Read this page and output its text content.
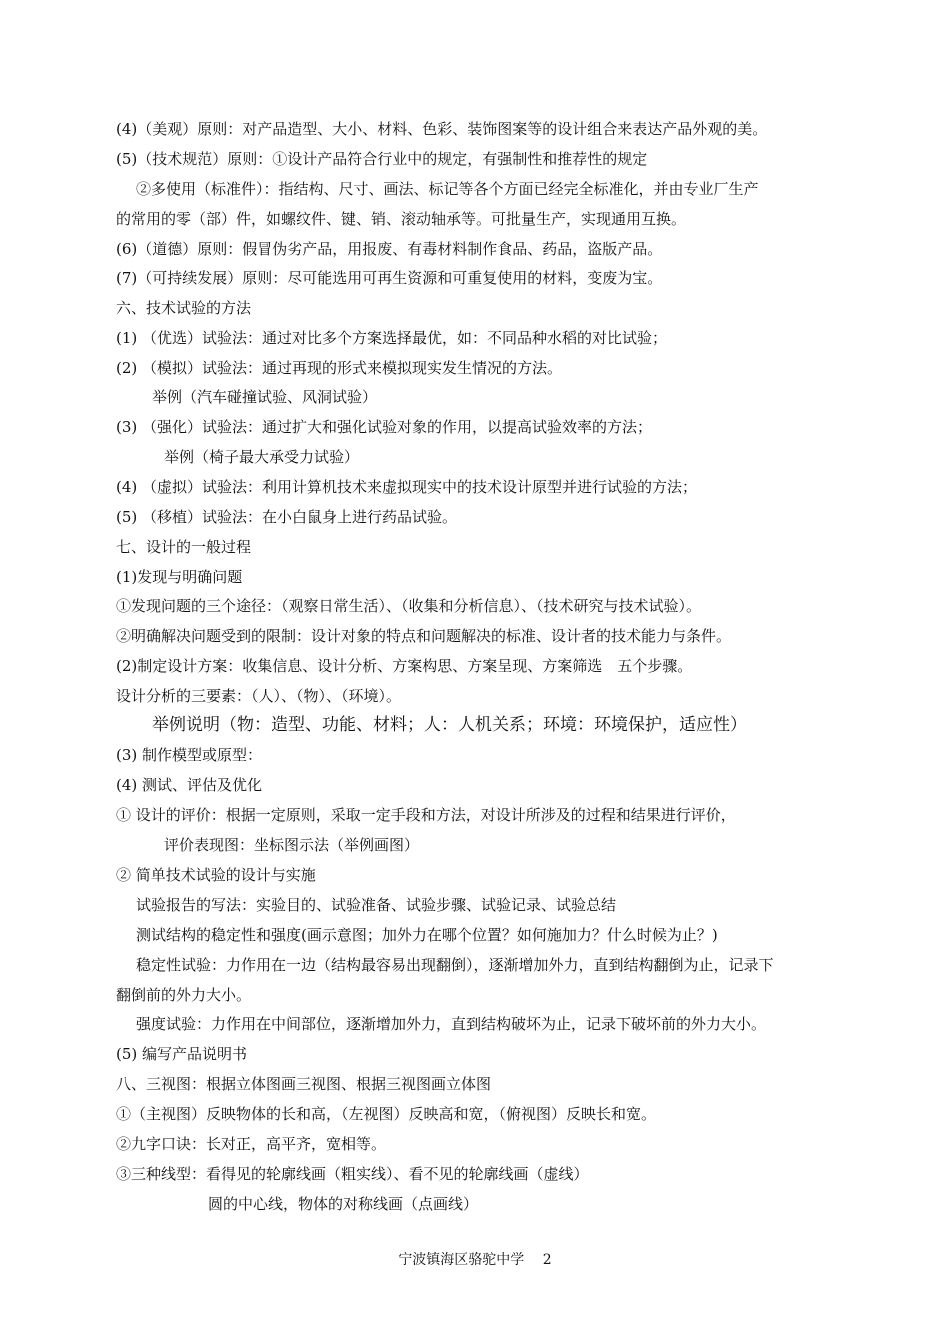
(4)（美观）原则：对产品造型、大小、材料、色彩、装饰图案等的设计组合来表达产品外观的美。
(5)（技术规范）原则：①设计产品符合行业中的规定，有强制性和推荐性的规定
②多使用（标准件）：指结构、尺寸、画法、标记等各个方面已经完全标准化，并由专业厂生产
的常用的零（部）件，如螺纹件、键、销、滚动轴承等。可批量生产，实现通用互换。
(6)（道德）原则：假冒伪劣产品，用报废、有毒材料制作食品、药品，盗版产品。
(7)（可持续发展）原则：尽可能选用可再生资源和可重复使用的材料，变废为宝。
六、技术试验的方法
(1) （优选）试验法：通过对比多个方案选择最优，如：不同品种水稻的对比试验；
(2) （模拟）试验法：通过再现的形式来模拟现实发生情况的方法。
举例（汽车碰撞试验、风洞试验）
(3) （强化）试验法：通过扩大和强化试验对象的作用，以提高试验效率的方法；
举例（椅子最大承受力试验）
(4) （虚拟）试验法：利用计算机技术来虚拟现实中的技术设计原型并进行试验的方法；
(5) （移植）试验法：在小白鼠身上进行药品试验。
七、设计的一般过程
(1)发现与明确问题
①发现问题的三个途径：（观察日常生活）、（收集和分析信息）、（技术研究与技术试验）。
②明确解决问题受到的限制：设计对象的特点和问题解决的标准、设计者的技术能力与条件。
(2)制定设计方案：收集信息、设计分析、方案构思、方案呈现、方案筛选　五个步骤。
设计分析的三要素：（人）、（物）、（环境）。
举例说明（物：造型、功能、材料；人：人机关系；环境：环境保护，适应性）
(3) 制作模型或原型：
(4) 测试、评估及优化
① 设计的评价：根据一定原则，采取一定手段和方法，对设计所涉及的过程和结果进行评价，
评价表现图：坐标图示法（举例画图）
② 简单技术试验的设计与实施
试验报告的写法：实验目的、试验准备、试验步骤、试验记录、试验总结
测试结构的稳定性和强度(画示意图；加外力在哪个位置？如何施加力？什么时候为止？)
稳定性试验：力作用在一边（结构最容易出现翻倒），逐渐增加外力，直到结构翻倒为止，记录下
翻倒前的外力大小。
强度试验：力作用在中间部位，逐渐增加外力，直到结构破坏为止，记录下破坏前的外力大小。
(5) 编写产品说明书
八、三视图：根据立体图画三视图、根据三视图画立体图
①（主视图）反映物体的长和高，（左视图）反映高和宽，（俯视图）反映长和宽。
②九字口诀：长对正，高平齐，宽相等。
③三种线型：看得见的轮廓线画（粗实线）、看不见的轮廓线画（虚线）
圆的中心线，物体的对称线画（点画线）
宁波镇海区骆驼中学　 2
